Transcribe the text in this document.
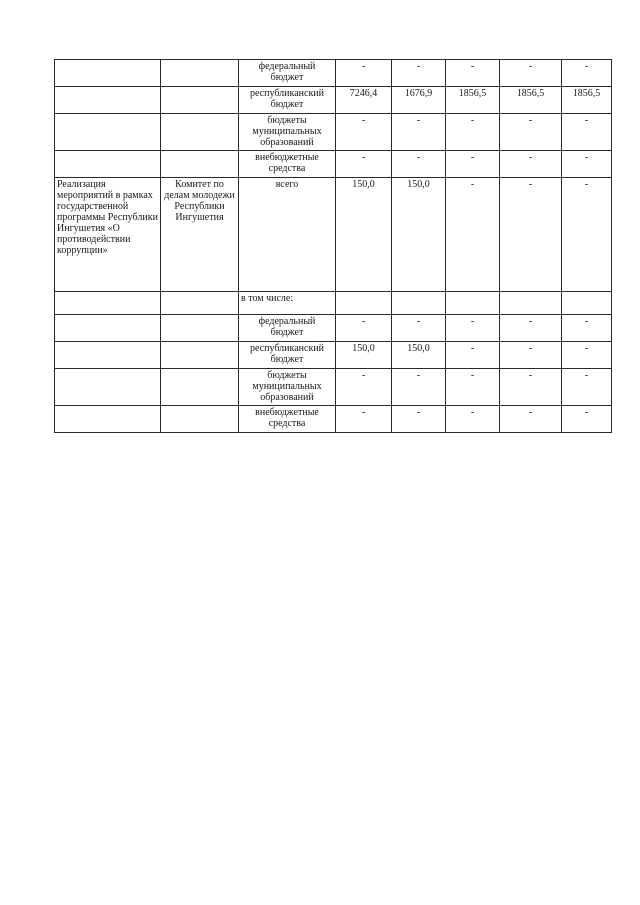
		федеральный бюджет	-	-	-	-	-
		республиканский бюджет	7246,4	1676,9	1856,5	1856,5	1856,5
		бюджеты муниципальных образований	-	-	-	-	-
		внебюджетные средства	-	-	-	-	-
Реализация мероприятий в рамках государственной программы Республики Ингушетия «О противодействии коррупции»	Комитет по делам молодежи Республики Ингушетия	всего	150,0	150,0	-	-	-
		в том числе:					
		федеральный бюджет	-	-	-	-	-
		республиканский бюджет	150,0	150,0	-	-	-
		бюджеты муниципальных образований	-	-	-	-	-
		внебюджетные средства	-	-	-	-	-
